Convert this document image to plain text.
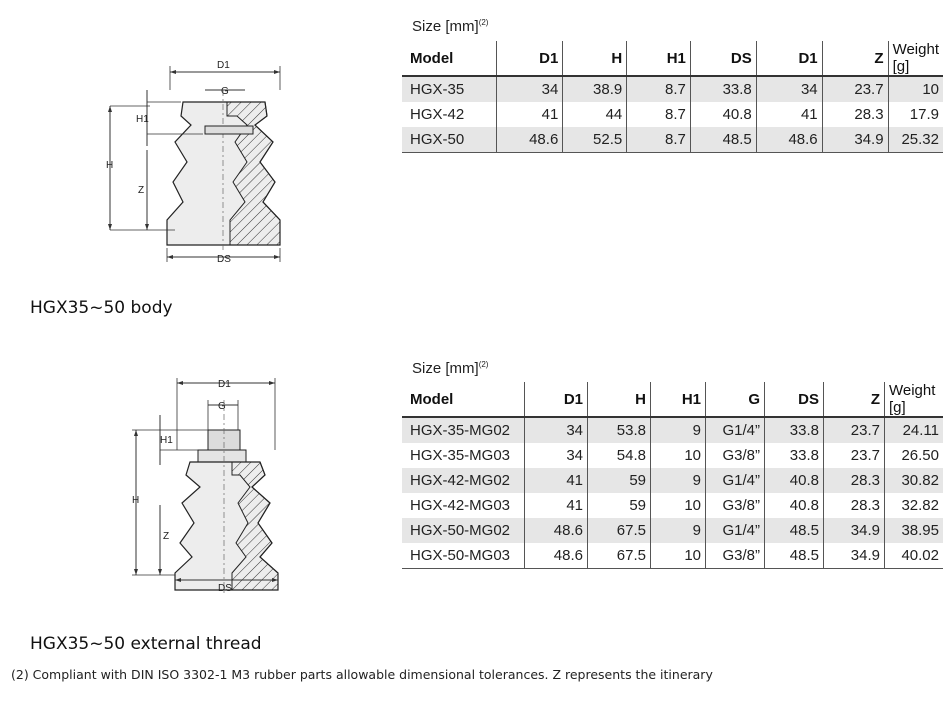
D1
G
H1
H
Z
DS
HGX35~50 body
Size [mm]$^{(2)}$
Model	D1	H	H1	DS	D1	Z	Weight [g]
HGX-35	34	38.9	8.7	33.8	34	23.7	10
HGX-42	41	44	8.7	40.8	41	28.3	17.9
HGX-50	48.6	52.5	8.7	48.5	48.6	34.9	25.32
D1
G
H1
H
Z
DS
HGX35~50 external thread
Size [mm]$^{(2)}$
Model	D1	H	H1	G	DS	Z	Weight [g]
HGX-35-MG02	34	53.8	9	G1/4”	33.8	23.7	24.11
HGX-35-MG03	34	54.8	10	G3/8”	33.8	23.7	26.50
HGX-42-MG02	41	59	9	G1/4”	40.8	28.3	30.82
HGX-42-MG03	41	59	10	G3/8”	40.8	28.3	32.82
HGX-50-MG02	48.6	67.5	9	G1/4”	48.5	34.9	38.95
HGX-50-MG03	48.6	67.5	10	G3/8”	48.5	34.9	40.02
(2) Compliant with DIN ISO 3302-1 M3 rubber parts allowable dimensional tolerances. Z represents the itinerary
